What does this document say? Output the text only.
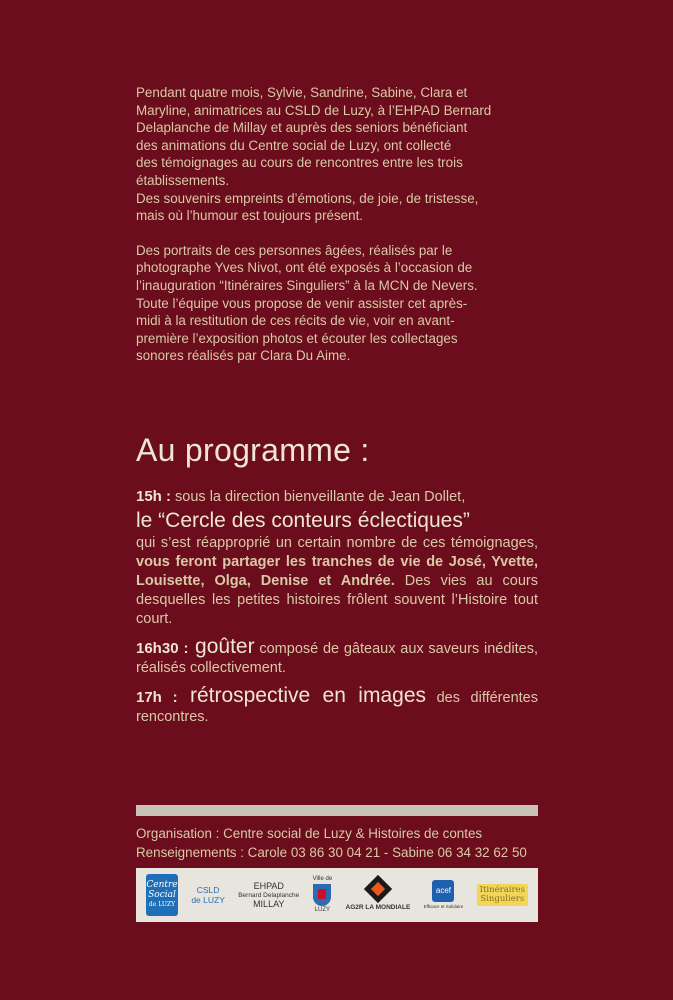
Pendant quatre mois, Sylvie, Sandrine, Sabine, Clara et
Maryline, animatrices au CSLD de Luzy, à l’EHPAD Bernard
Delaplanche de Millay et auprès des seniors bénéficiant
des animations du Centre social de Luzy, ont collecté
des témoignages au cours de rencontres entre les trois
établissements.
Des souvenirs empreints d’émotions, de joie, de tristesse,
mais où l’humour est toujours présent.
Des portraits de ces personnes âgées, réalisés par le
photographe Yves Nivot, ont été exposés à l’occasion de
l’inauguration “Itinéraires Singuliers” à la MCN de Nevers.
Toute l’équipe vous propose de venir assister cet après-
midi à la restitution de ces récits de vie, voir en avant-
première l’exposition photos et écouter les collectages
sonores réalisés par Clara Du Aime.
Au programme :

15h : sous la direction bienveillante de Jean Dollet,
le “Cercle des conteurs éclectiques”
qui s’est réapproprié un certain nombre de ces témoignages, vous feront partager les tranches de vie de José, Yvette, Louisette, Olga, Denise et Andrée. Des vies au cours desquelles les petites histoires frôlent souvent l’Histoire tout court.

16h30 : goûter composé de gâteaux aux saveurs inédites, réalisés collectivement.

17h : rétrospective en images des différentes rencontres.

Organisation : Centre social de Luzy & Histoires de contes
Renseignements : Carole 03 86 30 04 21 - Sabine 06 34 32 62 50
Centre
Social
de LUZY
CSLD
de LUZY
EHPAD
Bernard Delaplanche
MILLAY
Ville de
LUZY AG2R LA MONDIALE
acef
Efficace et Solidaire
Itinéraires
Singuliers
